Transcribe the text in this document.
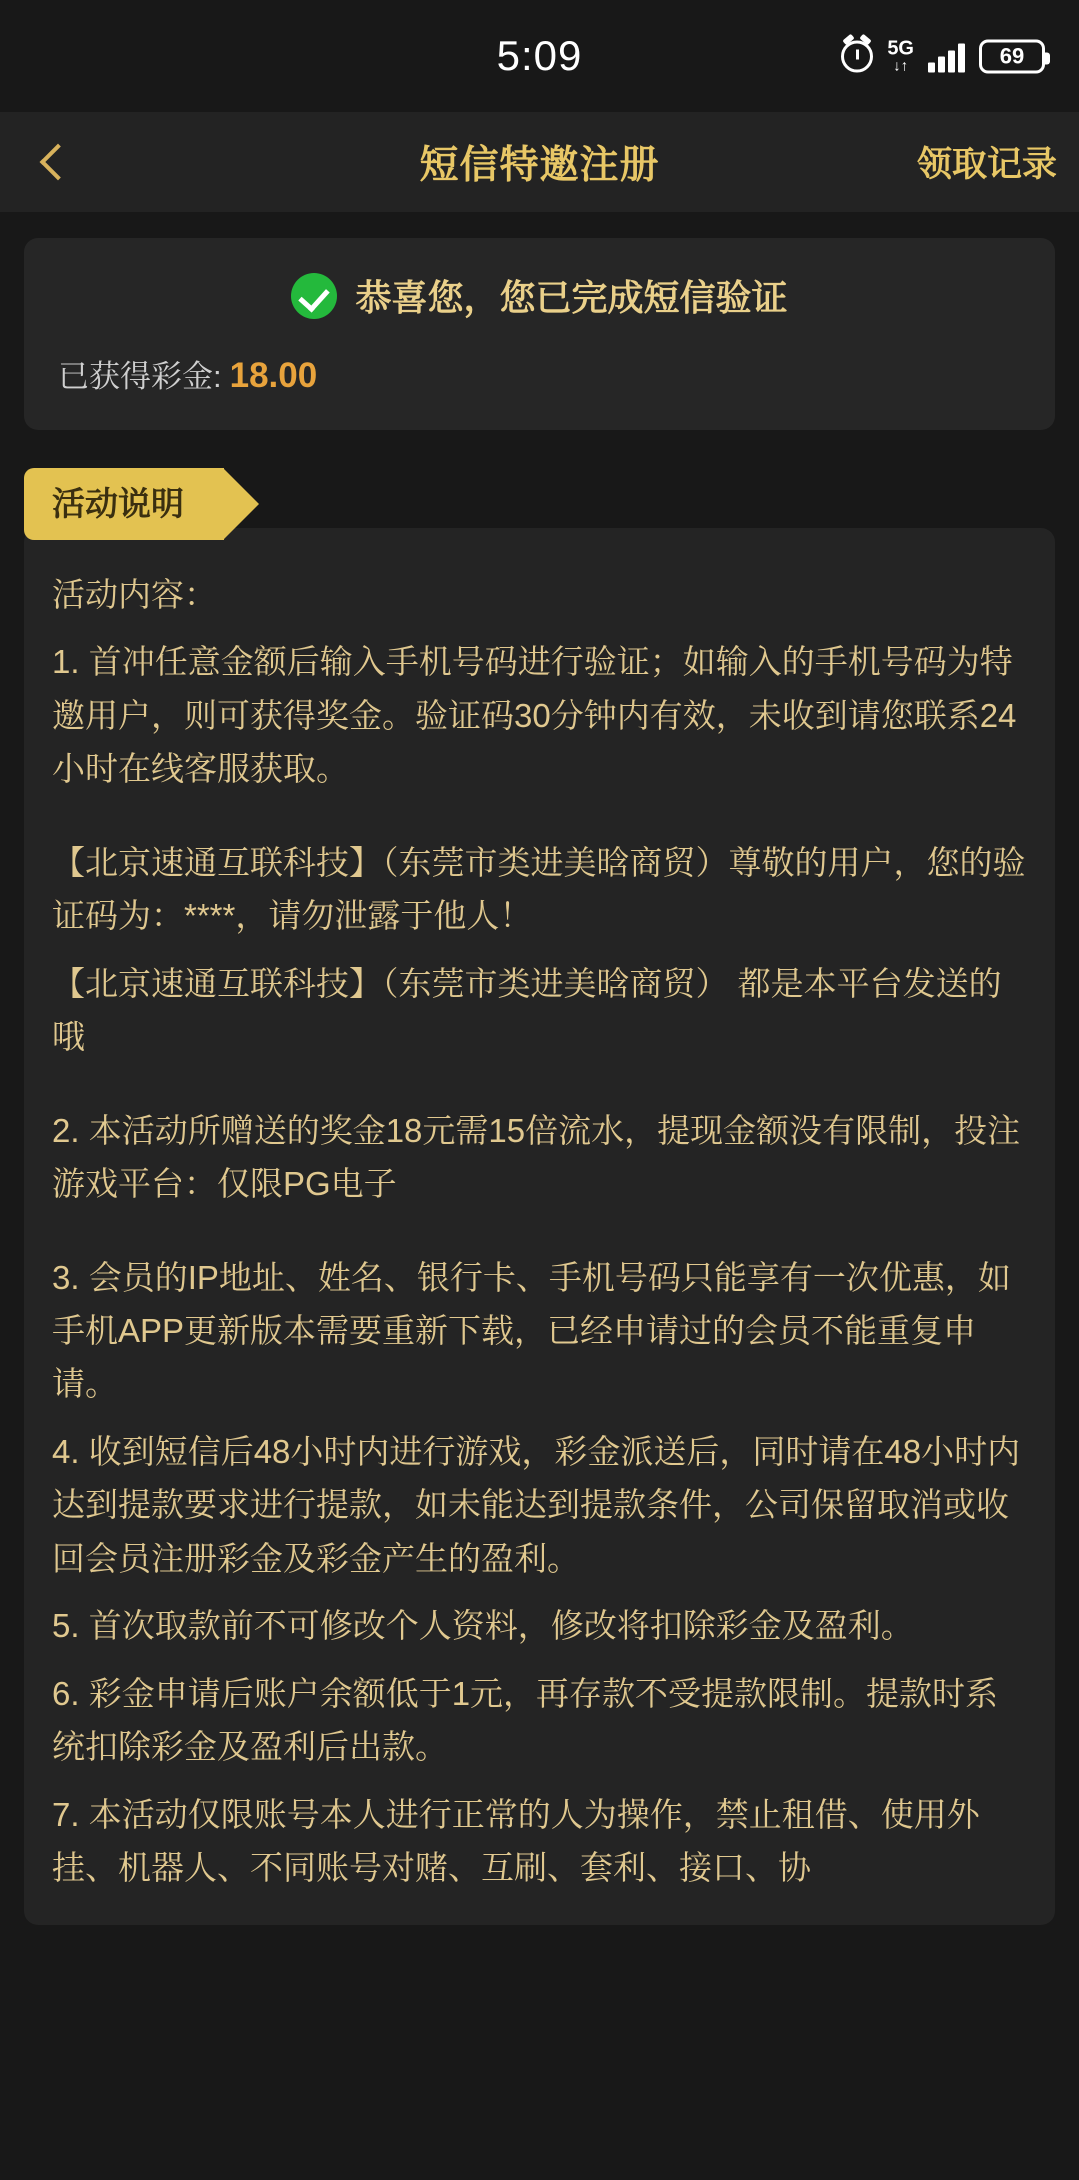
5:09	5G
↓↑	69
短信特邀注册	领取记录
恭喜您，您已完成短信验证
已获得彩金: 18.00
活动说明

活动内容：

1. 首冲任意金额后输入手机号码进行验证；如输入的手机号码为特邀用户，则可获得奖金。验证码30分钟内有效，未收到请您联系24小时在线客服获取。

【北京速通互联科技】（东莞市类进美晗商贸）尊敬的用户，您的验证码为：****，请勿泄露于他人！

【北京速通互联科技】（东莞市类进美晗商贸） 都是本平台发送的哦

2. 本活动所赠送的奖金18元需15倍流水，提现金额没有限制，投注游戏平台：仅限PG电子

3. 会员的IP地址、姓名、银行卡、手机号码只能享有一次优惠，如手机APP更新版本需要重新下载，已经申请过的会员不能重复申请。

4. 收到短信后48小时内进行游戏，彩金派送后，同时请在48小时内达到提款要求进行提款，如未能达到提款条件，公司保留取消或收回会员注册彩金及彩金产生的盈利。

5. 首次取款前不可修改个人资料，修改将扣除彩金及盈利。

6. 彩金申请后账户余额低于1元，再存款不受提款限制。提款时系统扣除彩金及盈利后出款。

7. 本活动仅限账号本人进行正常的人为操作，禁止租借、使用外挂、机器人、不同账号对赌、互刷、套利、接口、协
